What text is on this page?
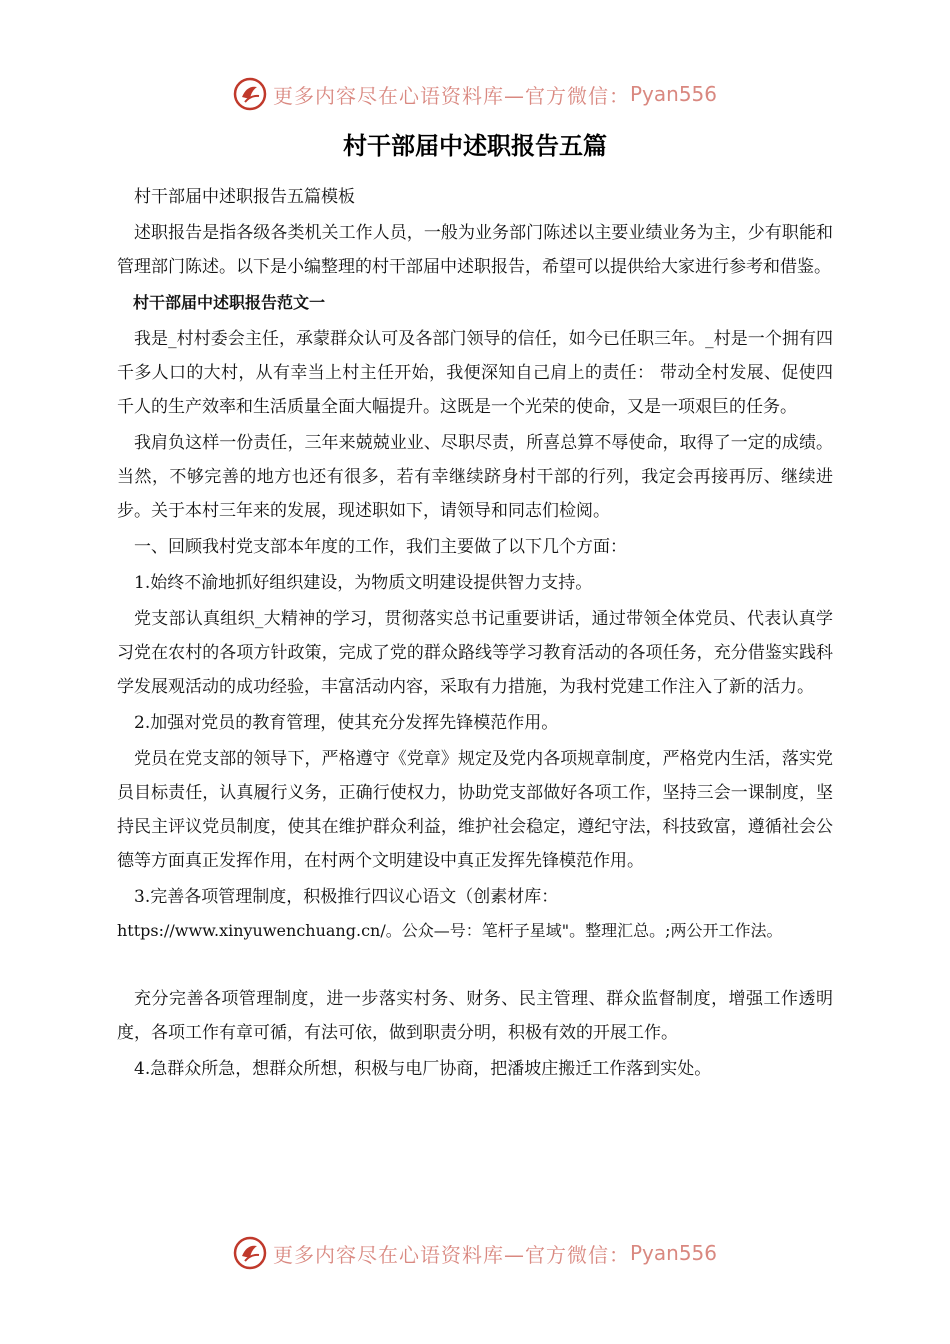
更多内容尽在心语资料库—官方微信： Pyan556
村干部届中述职报告五篇

村干部届中述职报告五篇模板

述职报告是指各级各类机关工作人员，一般为业务部门陈述以主要业绩业务为主，少有职能和管理部门陈述。以下是小编整理的村干部届中述职报告，希望可以提供给大家进行参考和借鉴。

村干部届中述职报告范文一

我是_村村委会主任，承蒙群众认可及各部门领导的信任，如今已任职三年。_村是一个拥有四千多人口的大村，从有幸当上村主任开始，我便深知自己肩上的责任： 带动全村发展、促使四千人的生产效率和生活质量全面大幅提升。这既是一个光荣的使命，又是一项艰巨的任务。

我肩负这样一份责任，三年来兢兢业业、尽职尽责，所喜总算不辱使命，取得了一定的成绩。当然，不够完善的地方也还有很多，若有幸继续跻身村干部的行列，我定会再接再厉、继续进步。关于本村三年来的发展，现述职如下，请领导和同志们检阅。

一、回顾我村党支部本年度的工作，我们主要做了以下几个方面：

1.始终不渝地抓好组织建设，为物质文明建设提供智力支持。

党支部认真组织_大精神的学习，贯彻落实总书记重要讲话，通过带领全体党员、代表认真学习党在农村的各项方针政策，完成了党的群众路线等学习教育活动的各项任务，充分借鉴实践科学发展观活动的成功经验，丰富活动内容，采取有力措施，为我村党建工作注入了新的活力。

2.加强对党员的教育管理，使其充分发挥先锋模范作用。

党员在党支部的领导下，严格遵守《党章》规定及党内各项规章制度，严格党内生活，落实党员目标责任，认真履行义务，正确行使权力，协助党支部做好各项工作，坚持三会一课制度，坚持民主评议党员制度，使其在维护群众利益，维护社会稳定，遵纪守法，科技致富，遵循社会公德等方面真正发挥作用，在村两个文明建设中真正发挥先锋模范作用。

3.完善各项管理制度，积极推行四议心语文（创素材库：

https://www.xinyuwenchuang.cn/。公众—号：笔杆子星域"。整理汇总。;两公开工作法。

充分完善各项管理制度，进一步落实村务、财务、民主管理、群众监督制度，增强工作透明度，各项工作有章可循，有法可依，做到职责分明，积极有效的开展工作。

4.急群众所急，想群众所想，积极与电厂协商，把潘坡庄搬迁工作落到实处。

更多内容尽在心语资料库—官方微信： Pyan556
